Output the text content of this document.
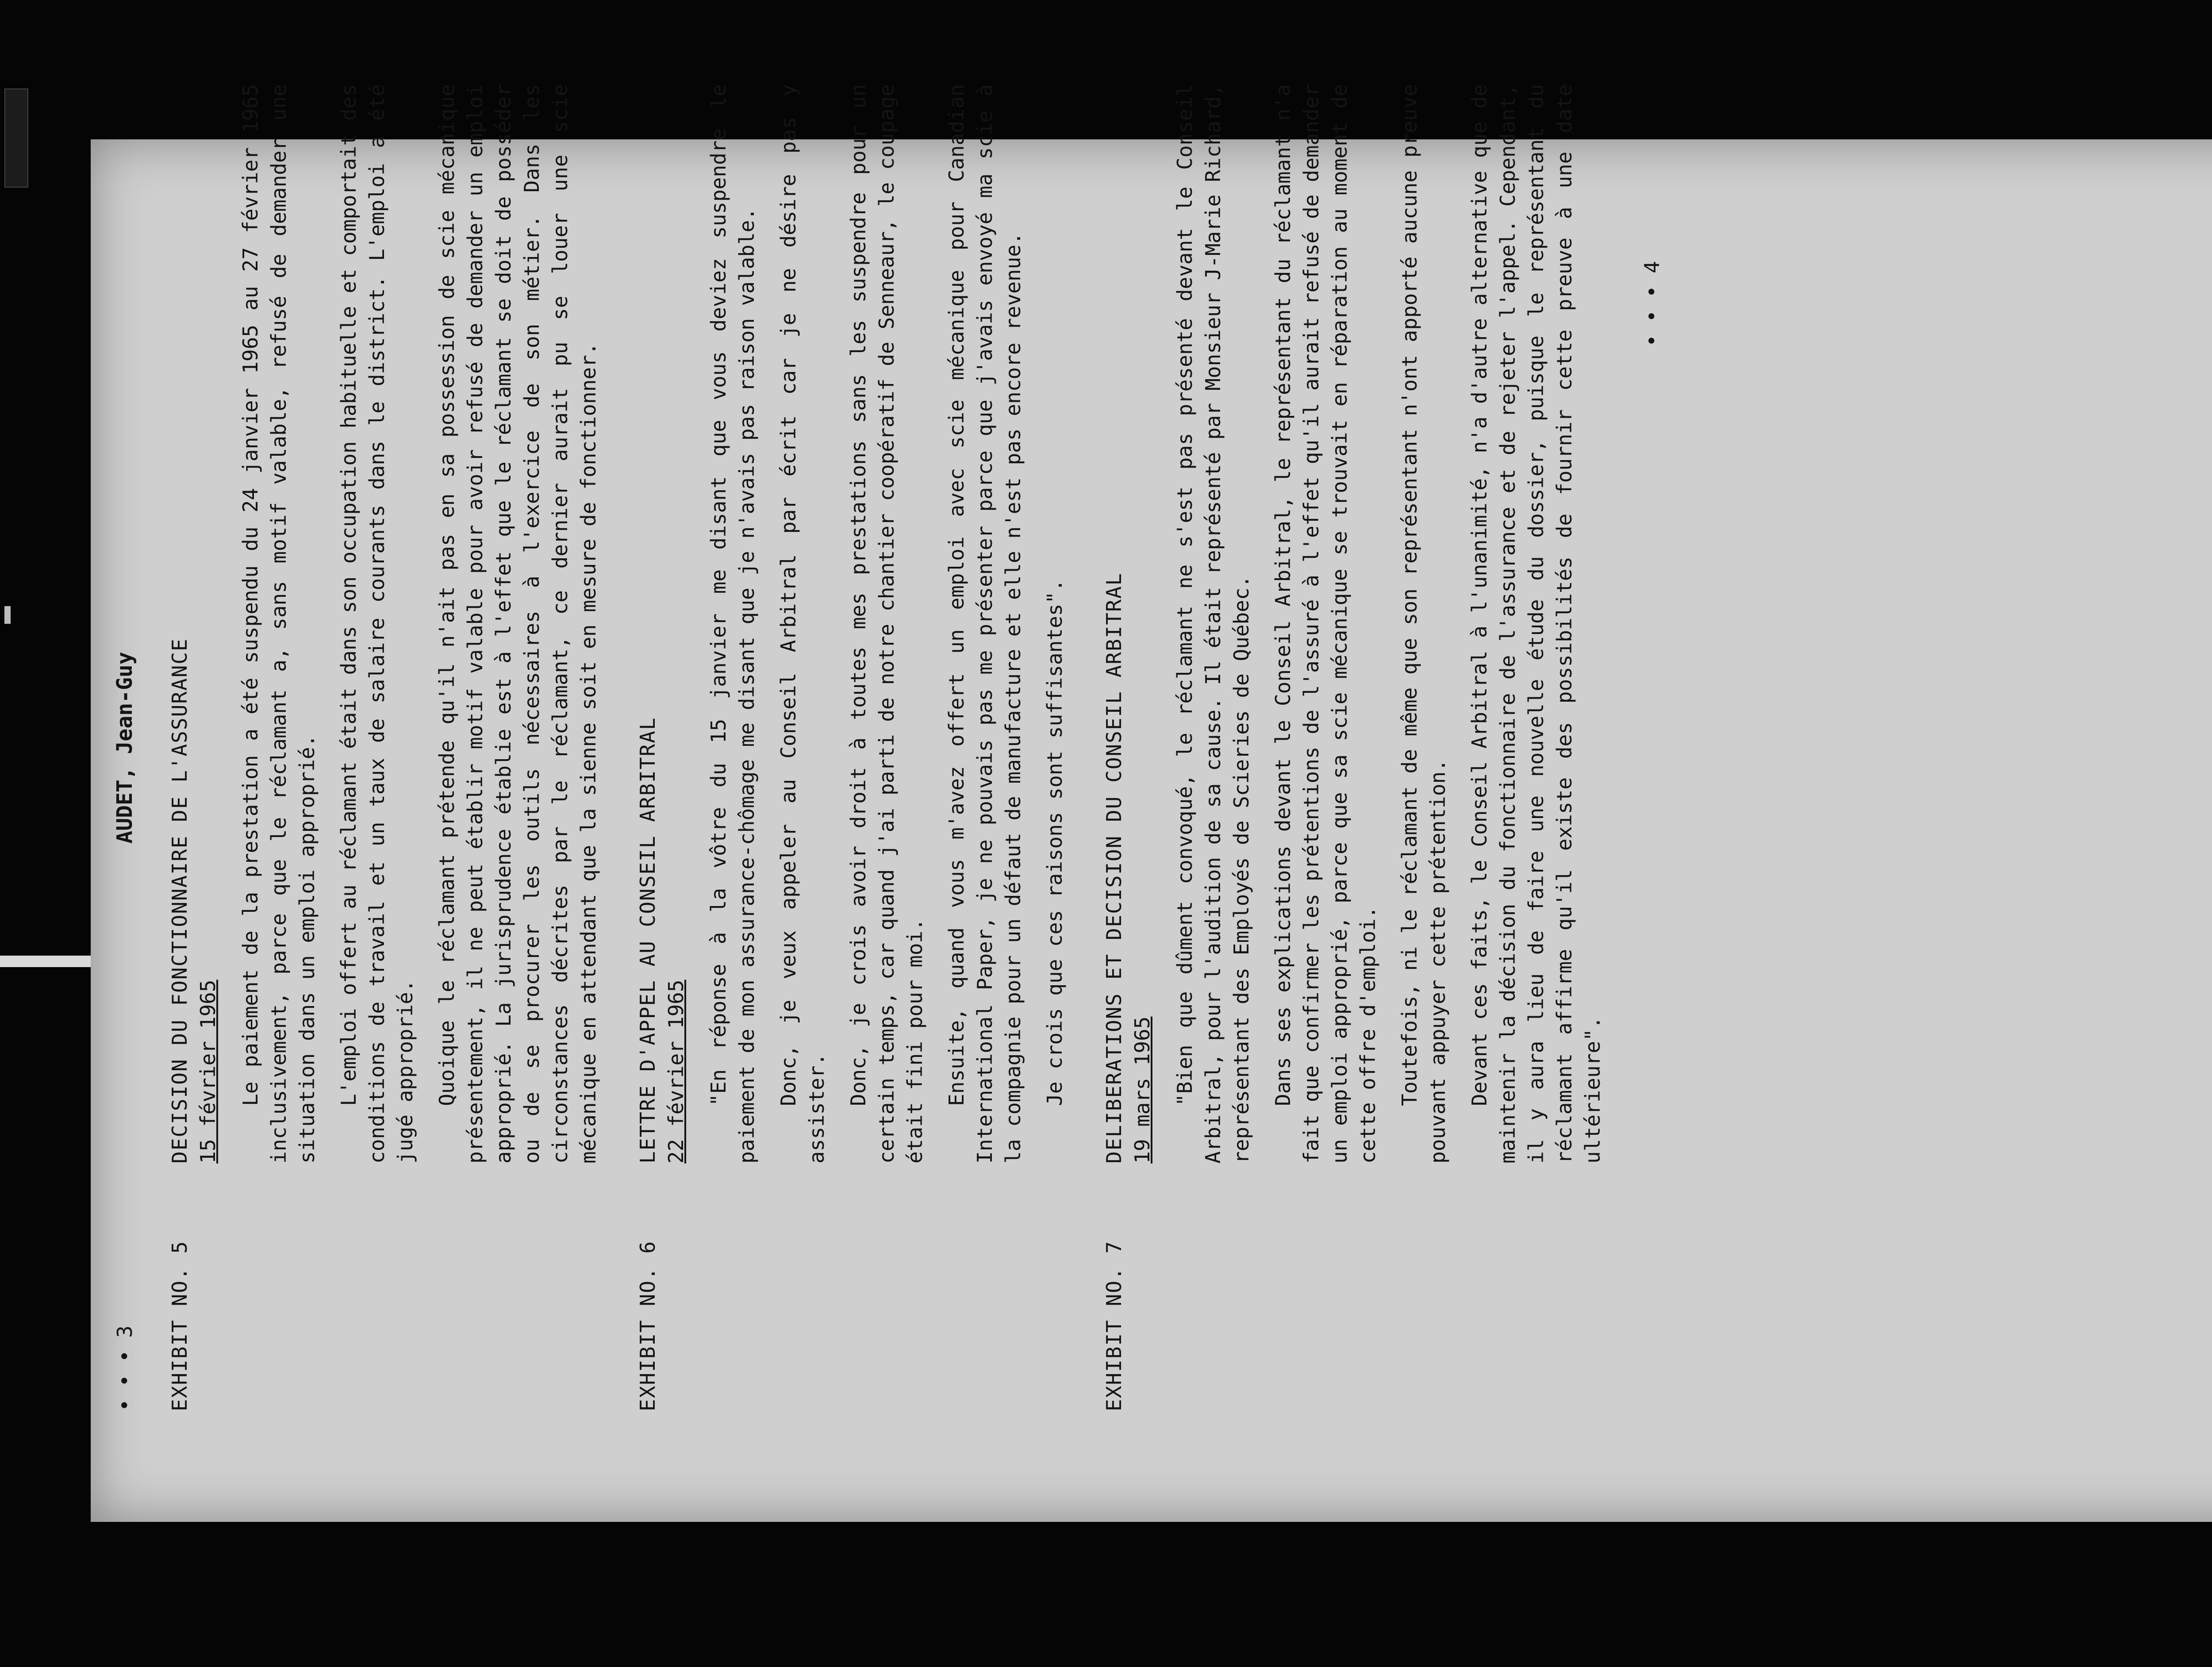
• • • 3
AUDET, Jean-Guy
EXHIBIT NO. 5
DECISION DU FONCTIONNAIRE DE L'ASSURANCE 15 février 1965 Le paiement de la prestation a été suspendu du 24 janvier 1965 au 27 février 1965 inclusivement, parce que le réclamant a, sans motif valable, refusé de demander une situation dans un emploi approprié. L'emploi offert au réclamant était dans son occupation habituelle et comportait des conditions de travail et un taux de salaire courants dans le district. L'emploi a été jugé approprié. Quoique le réclamant prétende qu'il n'ait pas en sa possession de scie mécanique présentement, il ne peut établir motif valable pour avoir refusé de demander un emploi approprié. La jurisprudence établie est à l'effet que le réclamant se doit de posséder ou de se procurer les outils nécessaires à l'exercice de son métier. Dans les circonstances décrites par le réclamant, ce dernier aurait pu se louer une scie mécanique en attendant que la sienne soit en mesure de fonctionner.

EXHIBIT NO. 6
LETTRE D'APPEL AU CONSEIL ARBITRAL 22 février 1965 "En réponse à la vôtre du 15 janvier me disant que vous deviez suspendre le paiement de mon assurance-chômage me disant que je n'avais pas raison valable. Donc, je veux appeler au Conseil Arbitral par écrit car je ne désire pas y assister.

Donc, je crois avoir droit à toutes mes prestations sans les suspendre pour un certain temps, car quand j'ai parti de notre chantier coopératif de Senneaur, le coupage était fini pour moi. Ensuite, quand vous m'avez offert un emploi avec scie mécanique pour Canadian International Paper, je ne pouvais pas me présenter parce que j'avais envoyé ma scie à la compagnie pour un défaut de manufacture et elle n'est pas encore revenue. Je crois que ces raisons sont suffisantes".

EXHIBIT NO. 7
DELIBERATIONS ET DECISION DU CONSEIL ARBITRAL 19 mars 1965 "Bien que dûment convoqué, le réclamant ne s'est pas présenté devant le Conseil Arbitral, pour l'audition de sa cause. Il était représenté par Monsieur J-Marie Richard, représentant des Employés de Scieries de Québec. Dans ses explications devant le Conseil Arbitral, le représentant du réclamant n'a fait que confirmer les prétentions de l'assuré à l'effet qu'il aurait refusé de demander un emploi approprié, parce que sa scie mécanique se trouvait en réparation au moment de cette offre d'emploi. Toutefois, ni le réclamant de même que son représentant n'ont apporté aucune preuve pouvant appuyer cette prétention. Devant ces faits, le Conseil Arbitral à l'unanimité, n'a d'autre alternative que de maintenir la décision du fonctionnaire de l'assurance et de rejeter l'appel. Cependant, il y aura lieu de faire une nouvelle étude du dossier, puisque le représentant du réclamant affirme qu'il existe des possibilités de fournir cette preuve à une date ultérieure".

• • • 4
